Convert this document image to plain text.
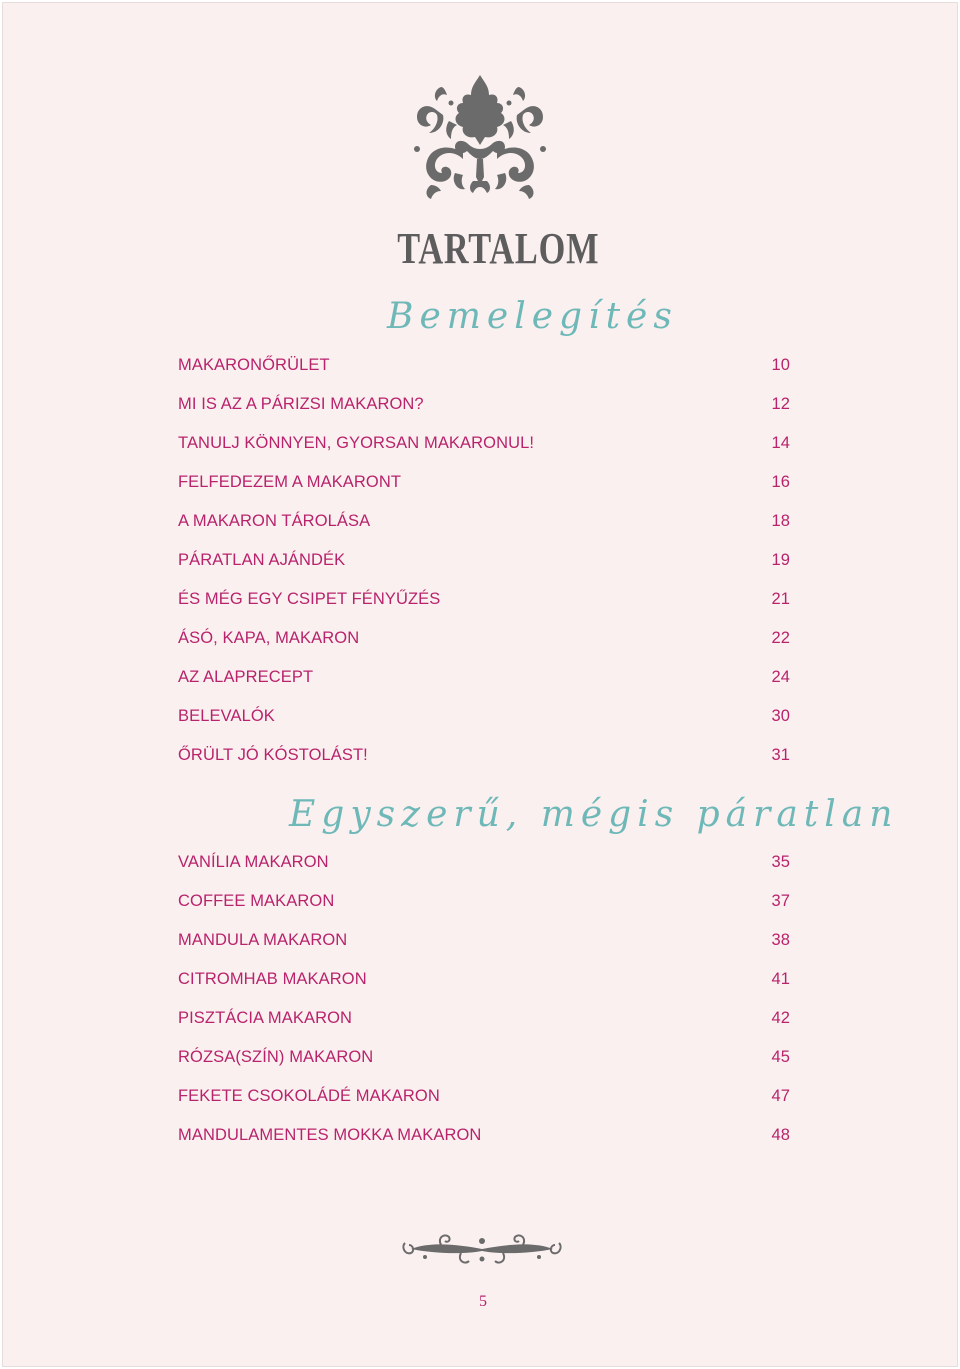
TARTALOM
Bemelegítés
MAKARONŐRÜLET	10
MI IS AZ A PÁRIZSI MAKARON?	12
TANULJ KÖNNYEN, GYORSAN MAKARONUL!	14
FELFEDEZEM A MAKARONT	16
A MAKARON TÁROLÁSA	18
PÁRATLAN AJÁNDÉK	19
ÉS MÉG EGY CSIPET FÉNYŰZÉS	21
ÁSÓ, KAPA, MAKARON	22
AZ ALAPRECEPT	24
BELEVALÓK	30
ŐRÜLT JÓ KÓSTOLÁST!	31
Egyszerű, mégis páratlan
VANÍLIA MAKARON	35
COFFEE MAKARON	37
MANDULA MAKARON	38
CITROMHAB MAKARON	41
PISZTÁCIA MAKARON	42
RÓZSA(SZÍN) MAKARON	45
FEKETE CSOKOLÁDÉ MAKARON	47
MANDULAMENTES MOKKA MAKARON	48
5
